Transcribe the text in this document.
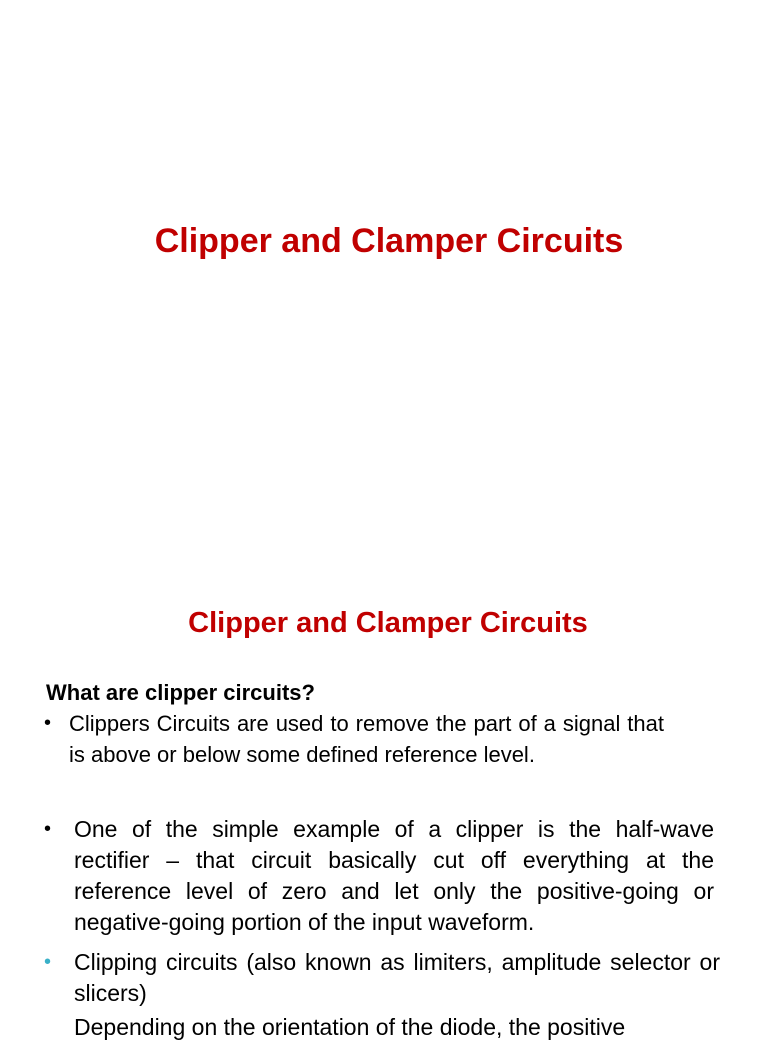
Clipper and Clamper Circuits
Clipper and Clamper Circuits

What are clipper circuits?

• Clippers Circuits are used to remove the part of a signal that is above or below some defined reference level.
• One of the simple example of a clipper is the half-wave rectifier – that circuit basically cut off everything at the reference level of zero and let only the positive-going or negative-going portion of the input waveform.
• Clipping circuits (also known as limiters, amplitude selector or slicers)
Depending on the orientation of the diode, the positive
